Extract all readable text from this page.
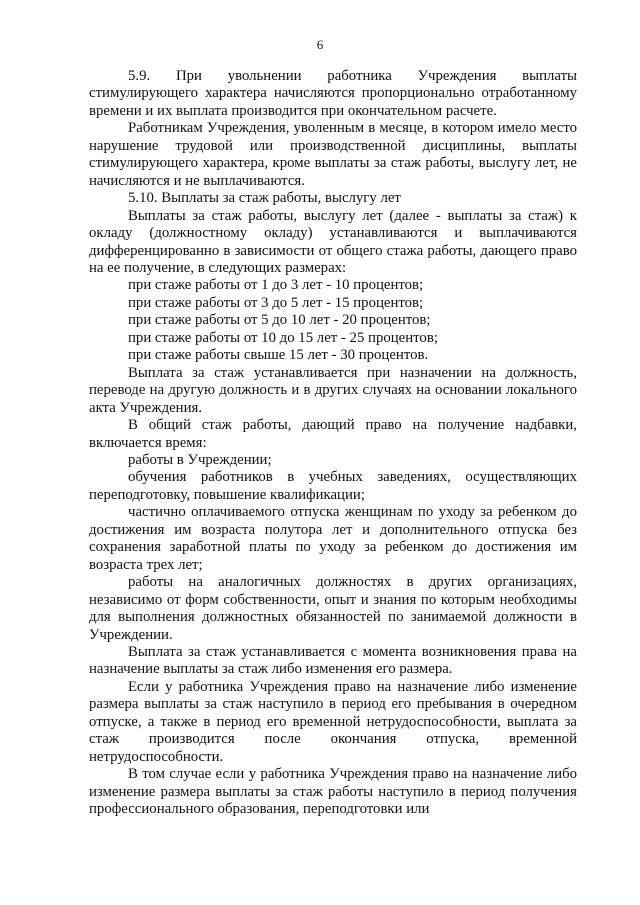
6

5.9. При увольнении работника Учреждения выплаты стимулирующего характера начисляются пропорционально отработанному времени и их выплата производится при окончательном расчете.

Работникам Учреждения, уволенным в месяце, в котором имело место нарушение трудовой или производственной дисциплины, выплаты стимулирующего характера, кроме выплаты за стаж работы, выслугу лет, не начисляются и не выплачиваются.

5.10. Выплаты за стаж работы, выслугу лет

Выплаты за стаж работы, выслугу лет (далее - выплаты за стаж) к окладу (должностному окладу) устанавливаются и выплачиваются дифференцированно в зависимости от общего стажа работы, дающего право на ее получение, в следующих размерах:

при стаже работы от 1 до 3 лет - 10 процентов;

при стаже работы от 3 до 5 лет - 15 процентов;

при стаже работы от 5 до 10 лет - 20 процентов;

при стаже работы от 10 до 15 лет - 25 процентов;

при стаже работы свыше 15 лет - 30 процентов.

Выплата за стаж устанавливается при назначении на должность, переводе на другую должность и в других случаях на основании локального акта Учреждения.

В общий стаж работы, дающий право на получение надбавки, включается время:

работы в Учреждении;

обучения работников в учебных заведениях, осуществляющих переподготовку, повышение квалификации;

частично оплачиваемого отпуска женщинам по уходу за ребенком до достижения им возраста полутора лет и дополнительного отпуска без сохранения заработной платы по уходу за ребенком до достижения им возраста трех лет;

работы на аналогичных должностях в других организациях, независимо от форм собственности, опыт и знания по которым необходимы для выполнения должностных обязанностей по занимаемой должности в Учреждении.

Выплата за стаж устанавливается с момента возникновения права на назначение выплаты за стаж либо изменения его размера.

Если у работника Учреждения право на назначение либо изменение размера выплаты за стаж наступило в период его пребывания в очередном отпуске, а также в период его временной нетрудоспособности, выплата за стаж производится после окончания отпуска, временной нетрудоспособности.

В том случае если у работника Учреждения право на назначение либо изменение размера выплаты за стаж работы наступило в период получения профессионального образования, переподготовки или
